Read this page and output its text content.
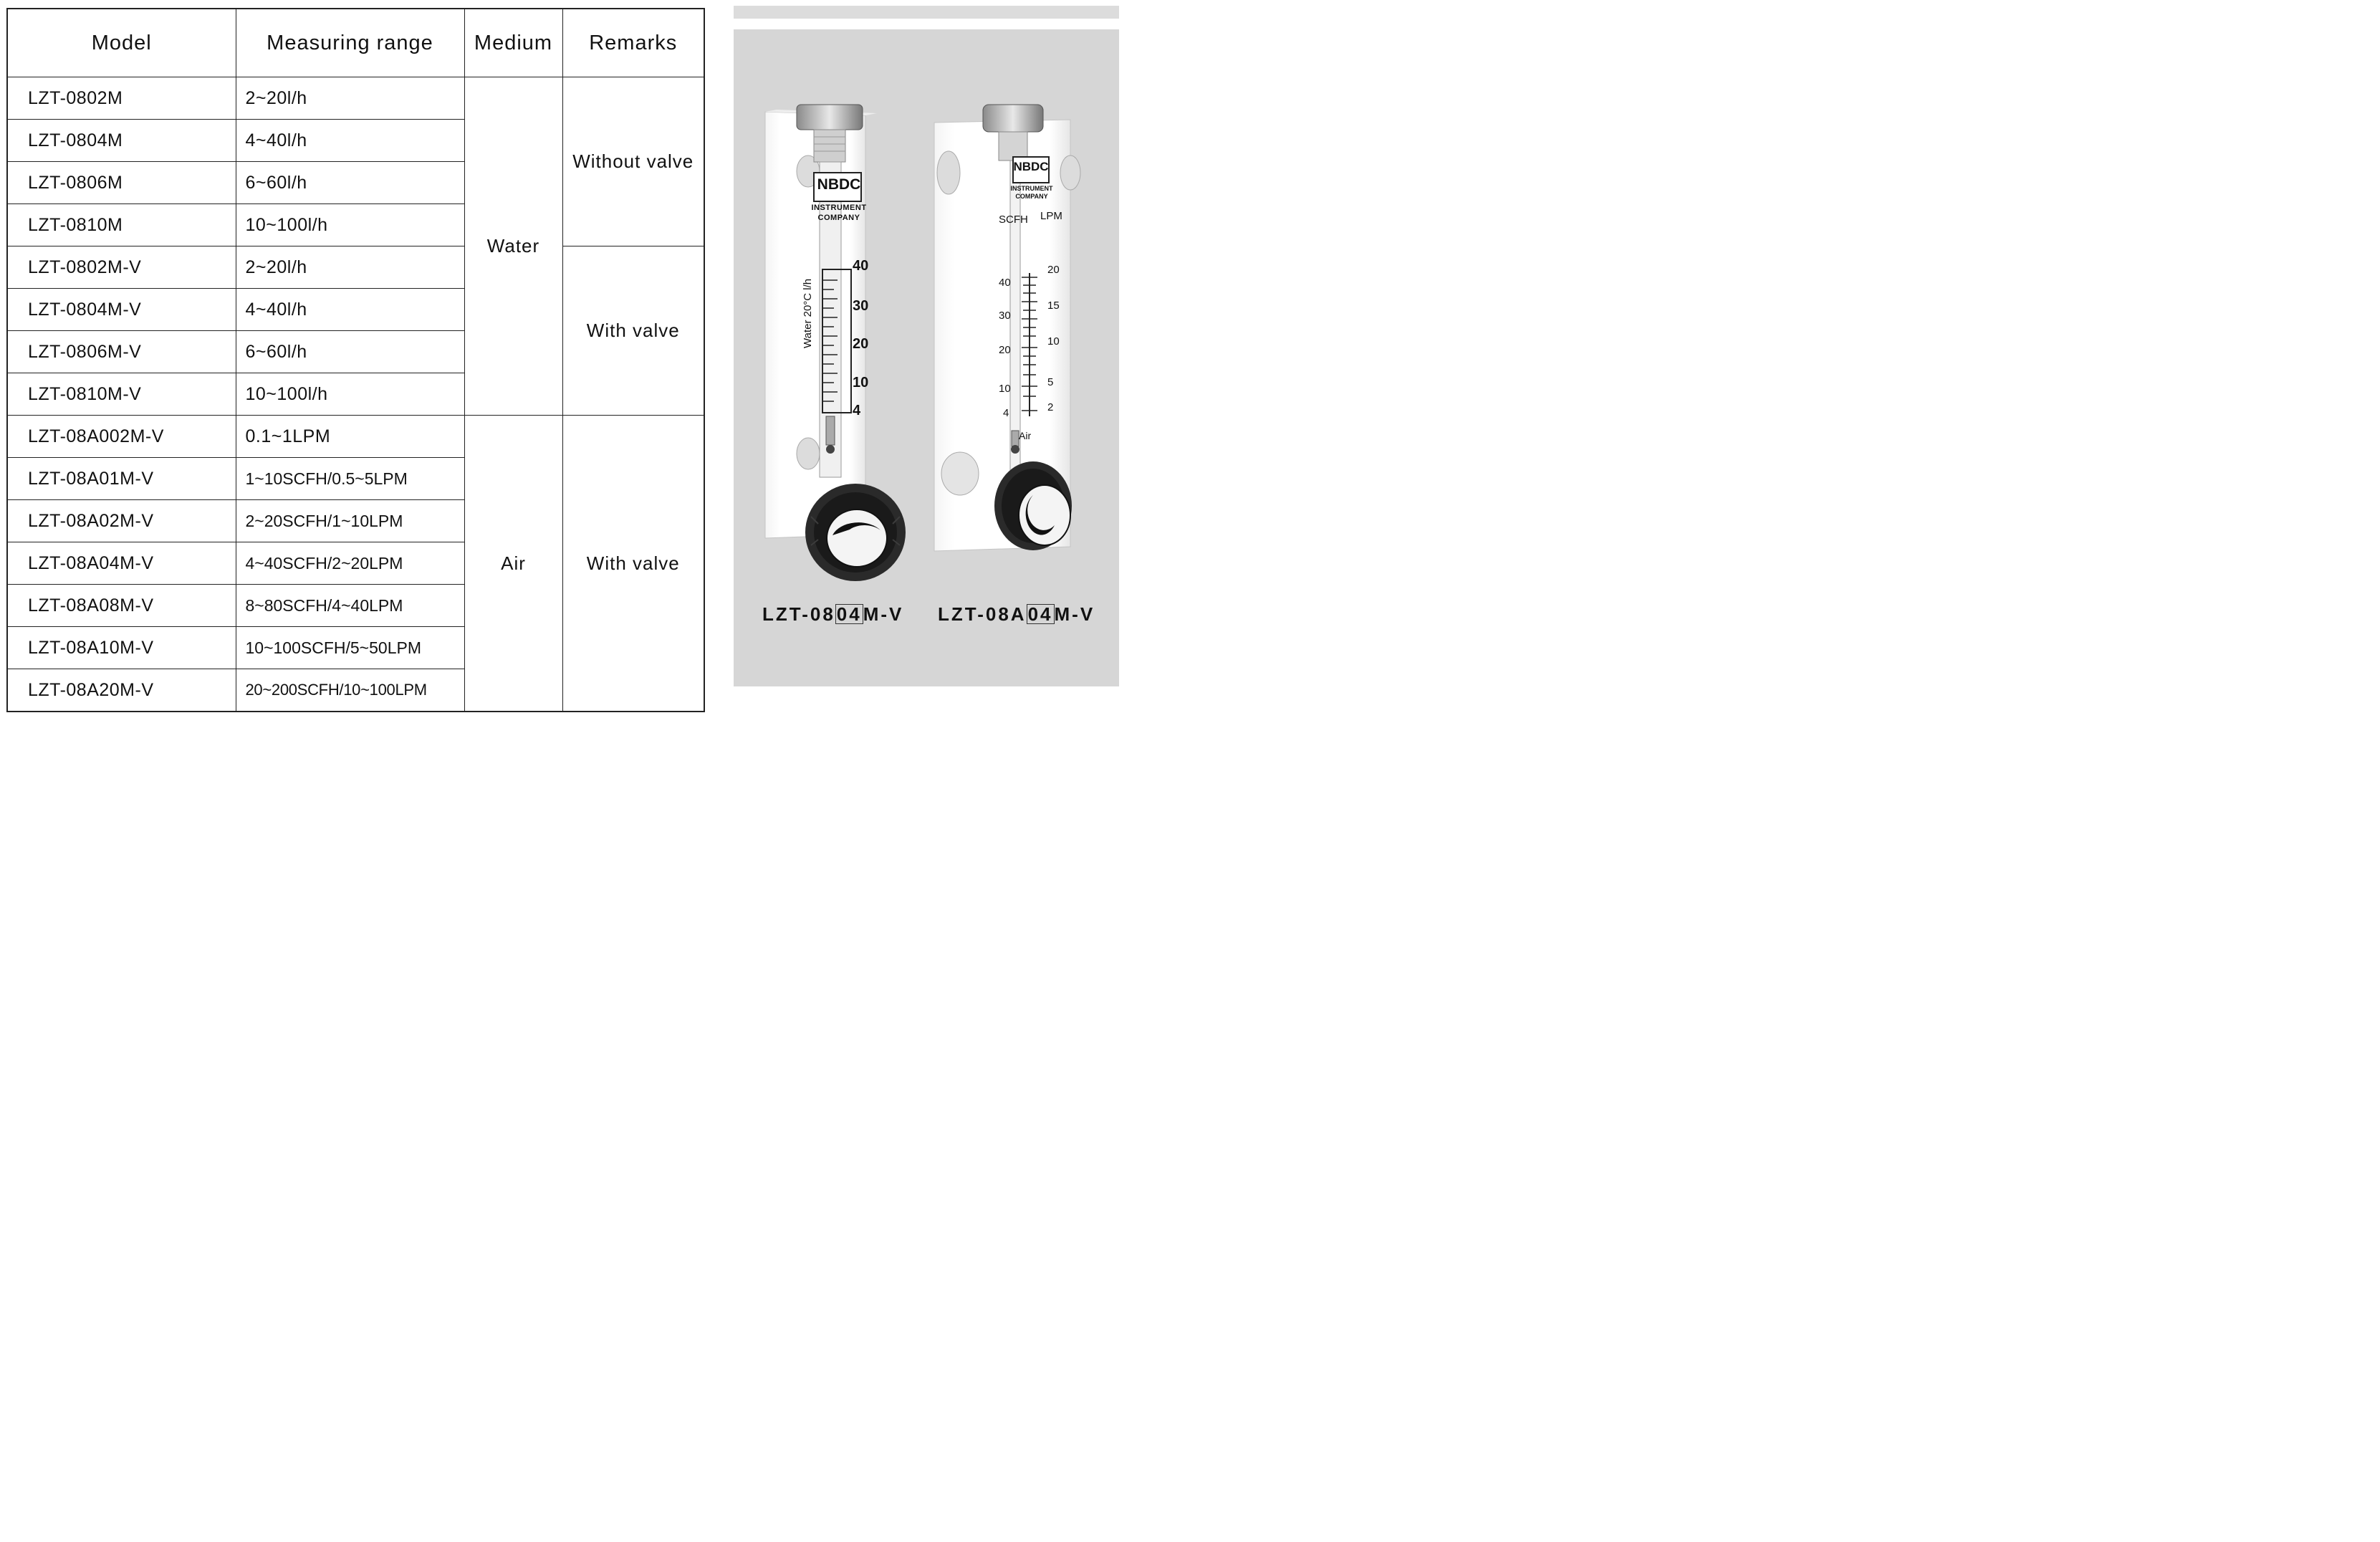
Model	Measuring range	Medium	Remarks
LZT-0802M	2~20l/h	Water	Without valve
LZT-0804M	4~40l/h		
LZT-0806M	6~60l/h		
LZT-0810M	10~100l/h		
LZT-0802M-V	2~20l/h		With valve
LZT-0804M-V	4~40l/h		
LZT-0806M-V	6~60l/h		
LZT-0810M-V	10~100l/h		
LZT-08A002M-V	0.1~1LPM	Air	With valve
LZT-08A01M-V	1~10SCFH/0.5~5LPM		
LZT-08A02M-V	2~20SCFH/1~10LPM		
LZT-08A04M-V	4~40SCFH/2~20LPM		
LZT-08A08M-V	8~80SCFH/4~40LPM		
LZT-08A10M-V	10~100SCFH/5~50LPM		
LZT-08A20M-V	20~200SCFH/10~100LPM		
NBDC
INSTRUMENT
COMPANY
Water 20°C l/h
40
30
20
10
4
NBDC
INSTRUMENT
COMPANY
SCFH LPM
40
30
20
10
4
20
15
10
5
2
Air
LZT-0804M-V LZT-08A04M-V
